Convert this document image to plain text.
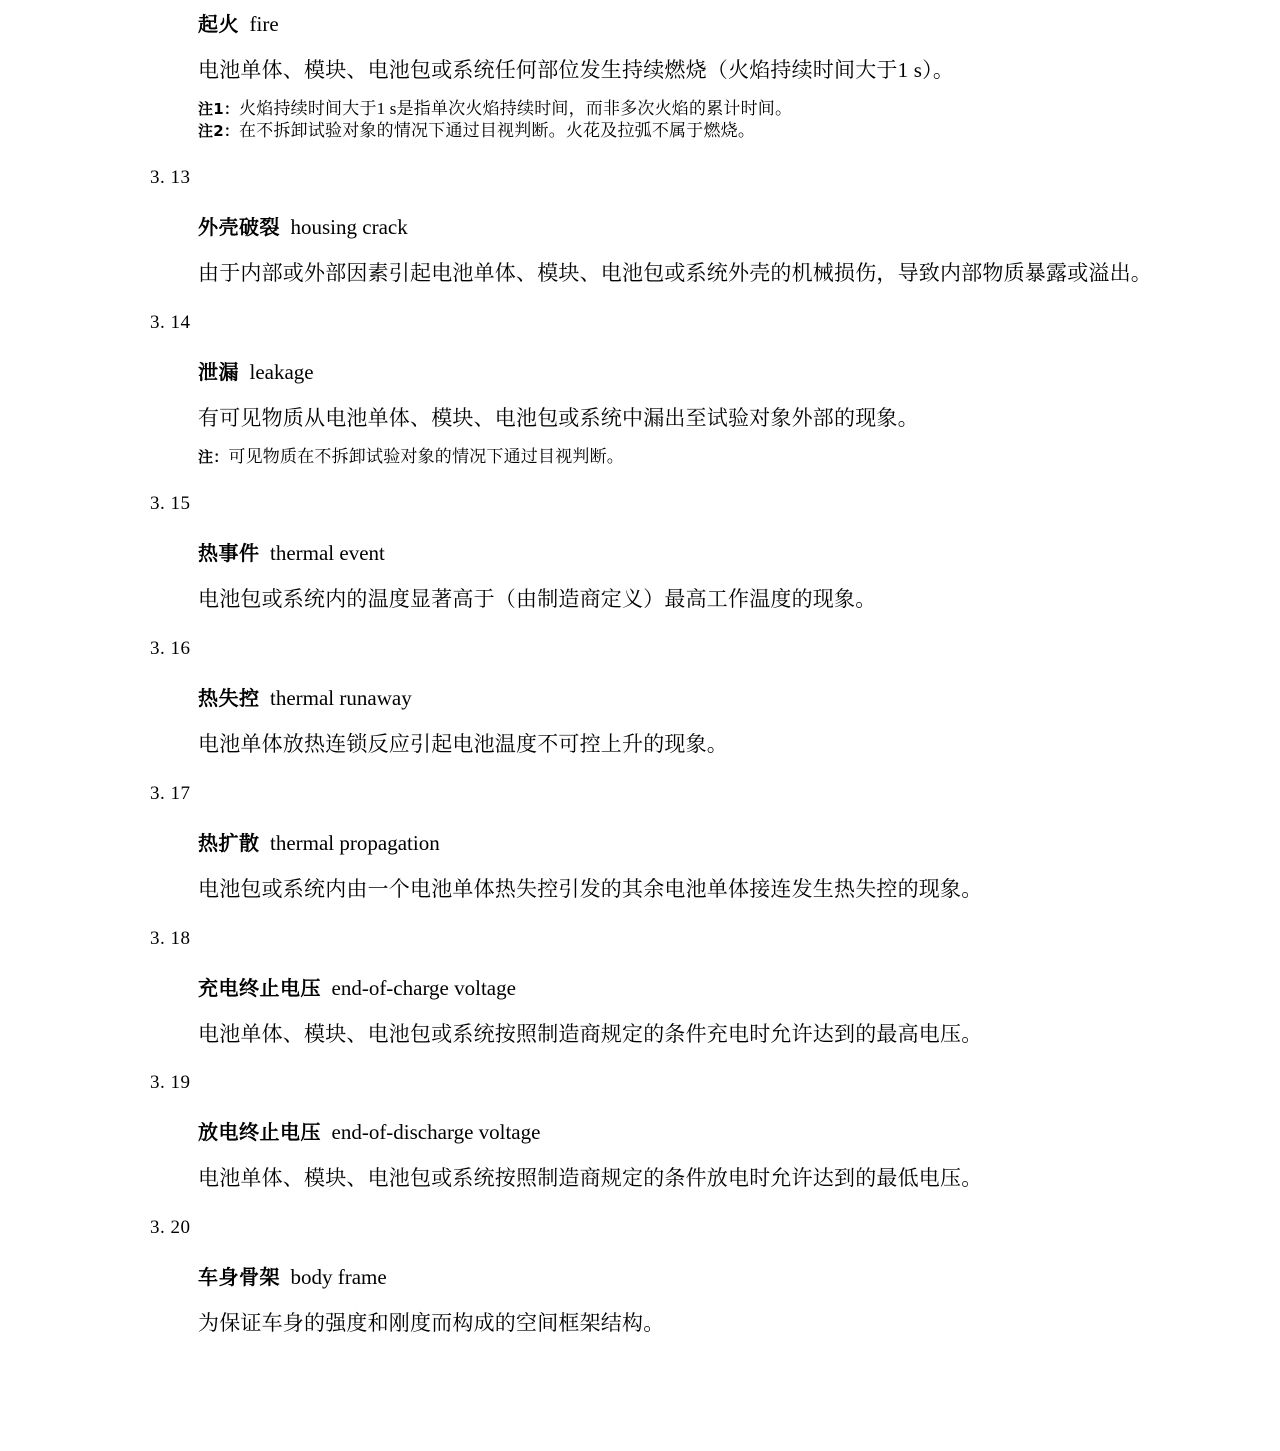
起火 fire

电池单体、模块、电池包或系统任何部位发生持续燃烧（火焰持续时间大于1 s）。

注1：火焰持续时间大于1 s是指单次火焰持续时间，而非多次火焰的累计时间。

注2：在不拆卸试验对象的情况下通过目视判断。火花及拉弧不属于燃烧。

3. 13

外壳破裂 housing crack

由于内部或外部因素引起电池单体、模块、电池包或系统外壳的机械损伤，导致内部物质暴露或溢出。

3. 14

泄漏 leakage

有可见物质从电池单体、模块、电池包或系统中漏出至试验对象外部的现象。

注：可见物质在不拆卸试验对象的情况下通过目视判断。

3. 15

热事件 thermal event

电池包或系统内的温度显著高于（由制造商定义）最高工作温度的现象。

3. 16

热失控 thermal runaway

电池单体放热连锁反应引起电池温度不可控上升的现象。

3. 17

热扩散 thermal propagation

电池包或系统内由一个电池单体热失控引发的其余电池单体接连发生热失控的现象。

3. 18

充电终止电压 end-of-charge voltage

电池单体、模块、电池包或系统按照制造商规定的条件充电时允许达到的最高电压。

3. 19

放电终止电压 end-of-discharge voltage

电池单体、模块、电池包或系统按照制造商规定的条件放电时允许达到的最低电压。

3. 20

车身骨架 body frame

为保证车身的强度和刚度而构成的空间框架结构。
